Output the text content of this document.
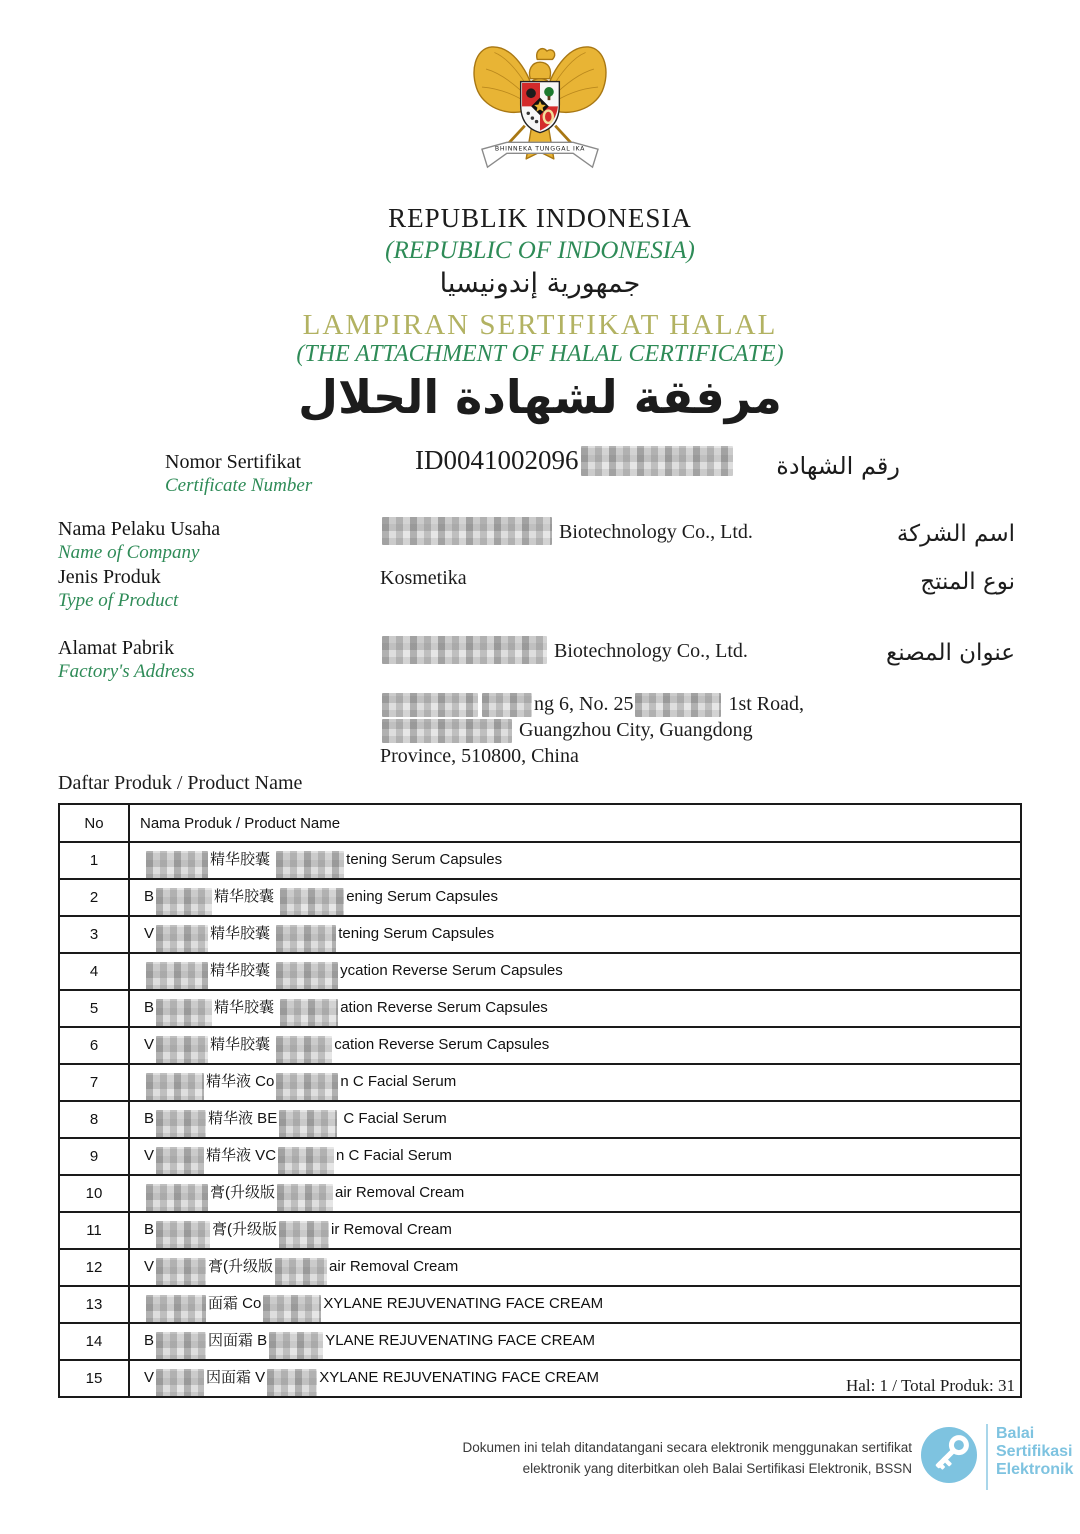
BHINNEKA TUNGGAL IKA
REPUBLIK INDONESIA
(REPUBLIC OF INDONESIA)
جمهورية إندونيسيا
LAMPIRAN SERTIFIKAT HALAL
(THE ATTACHMENT OF HALAL CERTIFICATE)
مرفقة لشهادة الحلال
Nomor Sertifikat
Certificate Number
ID0041002096	رقم الشهادة
Nama Pelaku Usaha
Name of Company
Biotechnology Co., Ltd.	اسم الشركة
Jenis Produk
Type of Product
Kosmetika	نوع المنتج
Alamat Pabrik
Factory's Address
Biotechnology Co., Ltd.	عنوان المصنع
ng 6, No. 25	1st Road,
Guangzhou City, Guangdong
Province, 510800, China
Daftar Produk / Product Name
No	Nama Produk / Product Name
1	精华胶囊 tening Serum Capsules
2	B 精华胶囊 ening Serum Capsules
3	V 精华胶囊 tening Serum Capsules
4	精华胶囊 ycation Reverse Serum Capsules
5	B 精华胶囊 ation Reverse Serum Capsules
6	V 精华胶囊 cation Reverse Serum Capsules
7	精华液 Co n C Facial Serum
8	B 精华液 BE C Facial Serum
9	V 精华液 VC n C Facial Serum
10	膏(升级版 air Removal Cream
11	B 膏(升级版 ir Removal Cream
12	V 膏(升级版 air Removal Cream
13	面霜 Co XYLANE REJUVENATING FACE CREAM
14	B 因面霜 B YLANE REJUVENATING FACE CREAM
15	V 因面霜 V XYLANE REJUVENATING FACE CREAM	Hal: 1 / Total Produk: 31
Dokumen ini telah ditandatangani secara elektronik menggunakan sertifikat
elektronik yang diterbitkan oleh Balai Sertifikasi Elektronik, BSSN
Balai
Sertifikasi
Elektronik
